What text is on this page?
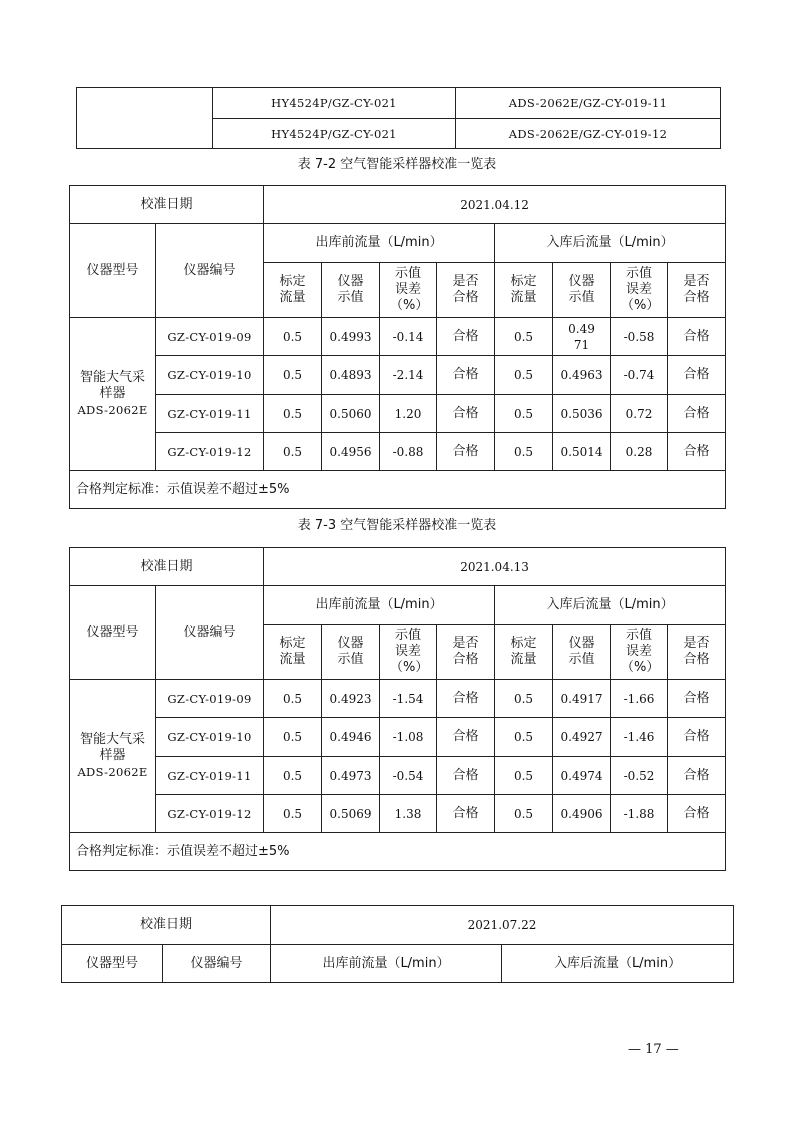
	HY4524P/GZ-CY-021	ADS-2062E/GZ-CY-019-11
	HY4524P/GZ-CY-021	ADS-2062E/GZ-CY-019-12
表 7-2 空气智能采样器校准一览表
校准日期		2021.04.12							
仪器型号	仪器编号	出库前流量（L/min）				入库后流量（L/min）			
		标定流量	仪器示值	示值误差（%）	是否合格	标定流量	仪器示值	示值误差（%）	是否合格

智能大气采样器
ADS-2062E	GZ-CY-019-09	0.5	0.4993	-0.14	合格	0.5	0.4971	-0.58	合格
	GZ-CY-019-10	0.5	0.4893	-2.14	合格	0.5	0.4963	-0.74	合格
	GZ-CY-019-11	0.5	0.5060	1.20	合格	0.5	0.5036	0.72	合格
	GZ-CY-019-12	0.5	0.4956	-0.88	合格	0.5	0.5014	0.28	合格
合格判定标准：示值误差不超过±5%									
表 7-3 空气智能采样器校准一览表
校准日期		2021.04.13							
仪器型号	仪器编号	出库前流量（L/min）				入库后流量（L/min）			
		标定流量	仪器示值	示值误差（%）	是否合格	标定流量	仪器示值	示值误差（%）	是否合格

智能大气采样器
ADS-2062E	GZ-CY-019-09	0.5	0.4923	-1.54	合格	0.5	0.4917	-1.66	合格
	GZ-CY-019-10	0.5	0.4946	-1.08	合格	0.5	0.4927	-1.46	合格
	GZ-CY-019-11	0.5	0.4973	-0.54	合格	0.5	0.4974	-0.52	合格
	GZ-CY-019-12	0.5	0.5069	1.38	合格	0.5	0.4906	-1.88	合格
合格判定标准：示值误差不超过±5%									
校准日期		2021.07.22	
仪器型号	仪器编号	出库前流量（L/min）	入库后流量（L/min）
— 17 —
